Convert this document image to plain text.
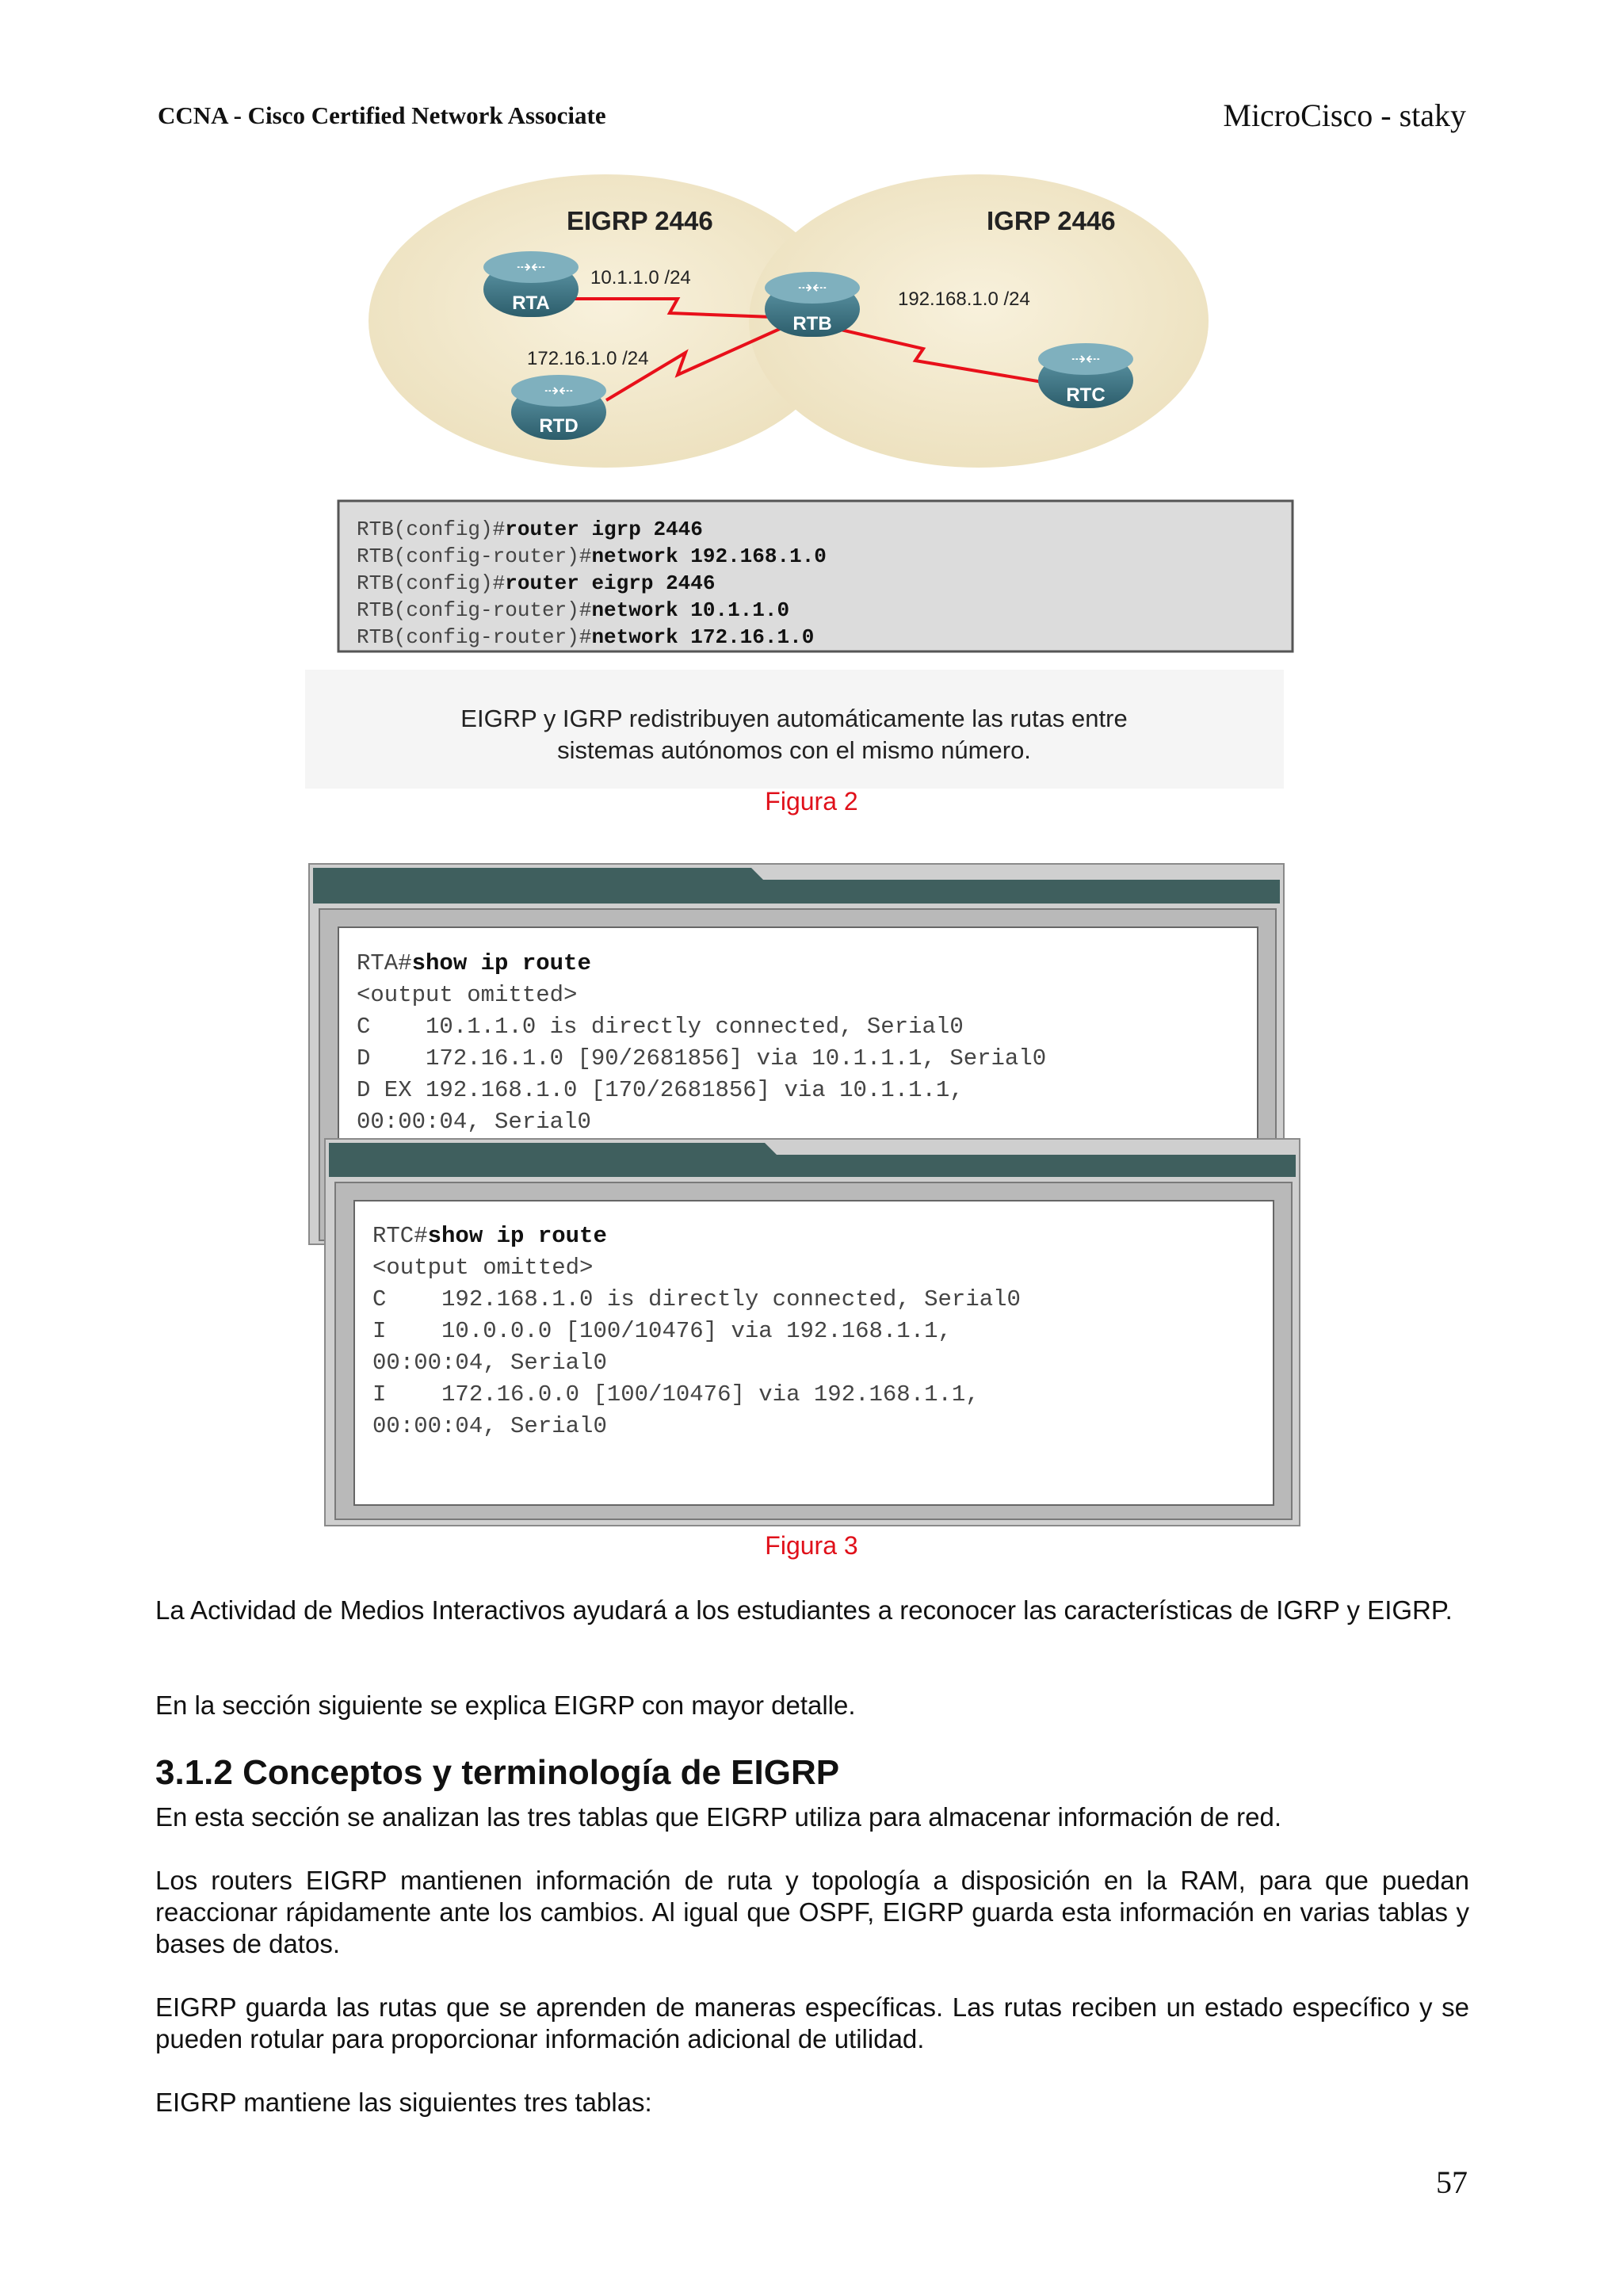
CCNA - Cisco Certified Network Associate	MicroCisco - staky
EIGRP 2446	IGRP 2446
10.1.1.0 /24
172.16.1.0 /24
192.168.1.0 /24
⇢⇠
RTA
⇢⇠
RTB
⇢⇠
RTC
⇢⇠
RTD
RTB(config)#router igrp 2446
RTB(config-router)#network 192.168.1.0
RTB(config)#router eigrp 2446
RTB(config-router)#network 10.1.1.0
RTB(config-router)#network 172.16.1.0
EIGRP y IGRP redistribuyen automáticamente las rutas entre
sistemas autónomos con el mismo número.
Figura 2
RTA#show ip route
<output omitted>
C    10.1.1.0 is directly connected, Serial0
D    172.16.1.0 [90/2681856] via 10.1.1.1, Serial0
D EX 192.168.1.0 [170/2681856] via 10.1.1.1,
00:00:04, Serial0
RTC#show ip route
<output omitted>
C    192.168.1.0 is directly connected, Serial0
I    10.0.0.0 [100/10476] via 192.168.1.1,
00:00:04, Serial0
I    172.16.0.0 [100/10476] via 192.168.1.1,
00:00:04, Serial0
Figura 3
La Actividad de Medios Interactivos ayudará a los estudiantes a reconocer las características de IGRP y EIGRP.
En la sección siguiente se explica EIGRP con mayor detalle.
3.1.2 Conceptos y terminología de EIGRP
En esta sección se analizan las tres tablas que EIGRP utiliza para almacenar información de red.
Los routers EIGRP mantienen información de ruta y topología a disposición en la RAM, para que puedan reaccionar rápidamente ante los cambios. Al igual que OSPF, EIGRP guarda esta información en varias tablas y bases de datos.
EIGRP guarda las rutas que se aprenden de maneras específicas. Las rutas reciben un estado específico y se pueden rotular para proporcionar información adicional de utilidad.
EIGRP mantiene las siguientes tres tablas:
57
